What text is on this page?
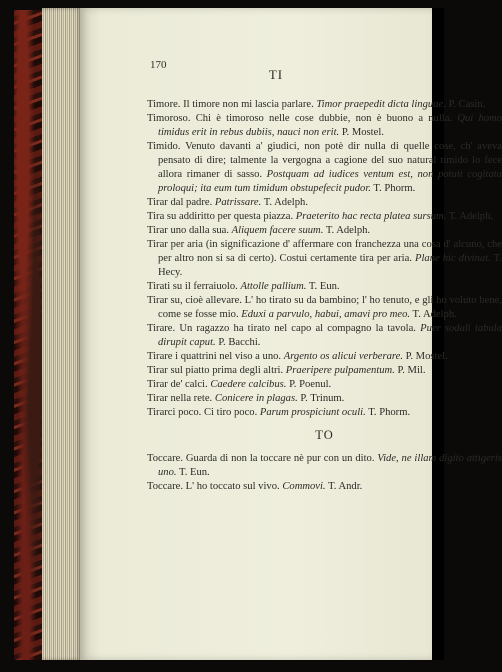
170
TI
Timore. Il timore non mi lascia parlare. Timor praepedit dicta linguae. P. Casin.
Timoroso. Chi è timoroso nelle cose dubbie, non è buono a nulla. Qui homo timidus erit in rebus dubiis, nauci non erit. P. Mostel.
Timido. Venuto davanti a' giudici, non potè dir nulla di quelle cose, ch' aveva pensato di dire; talmente la vergogna a cagione del suo natural timido lo fece allora rimaner di sasso. Postquam ad iudices ventum est, non potuit cogitata proloqui; ita eum tum timidum obstupefecit pudor. T. Phorm.
Tirar dal padre. Patrissare. T. Adelph.
Tira su addiritto per questa piazza. Praeterito hac recta platea sursum. T. Adelph.
Tirar uno dalla sua. Aliquem facere suum. T. Adelph.
Tirar per aria (in significazione d' affermare con franchezza una cosa d' alcuno, che per altro non si sa di certo). Costui certamente tira per aria. Plane hic divinat. T. Hecy.
Tirati su il ferraiuolo. Attolle pallium. T. Eun.
Tirar su, cioè allevare. L' ho tirato su da bambino; l' ho tenuto, e gli ho voluto bene, come se fosse mio. Eduxi a parvulo, habui, amavi pro meo. T. Adelph.
Tirare. Un ragazzo ha tirato nel capo al compagno la tavola. Puer sodali tabula dirupit caput. P. Bacchi.
Tirare i quattrini nel viso a uno. Argento os alicui verberare. P. Mostel.
Tirar sul piatto prima degli altri. Praeripere pulpamentum. P. Mil.
Tirar de' calci. Caedere calcibus. P. Poenul.
Tirar nella rete. Conicere in plagas. P. Trinum.
Tirarci poco. Ci tiro poco. Parum prospiciunt oculi. T. Phorm.
TO
Toccare. Guarda di non la toccare nè pur con un dito. Vide, ne illam digito attigeris uno. T. Eun.
Toccare. L' ho toccato sul vivo. Commovi. T. Andr.
